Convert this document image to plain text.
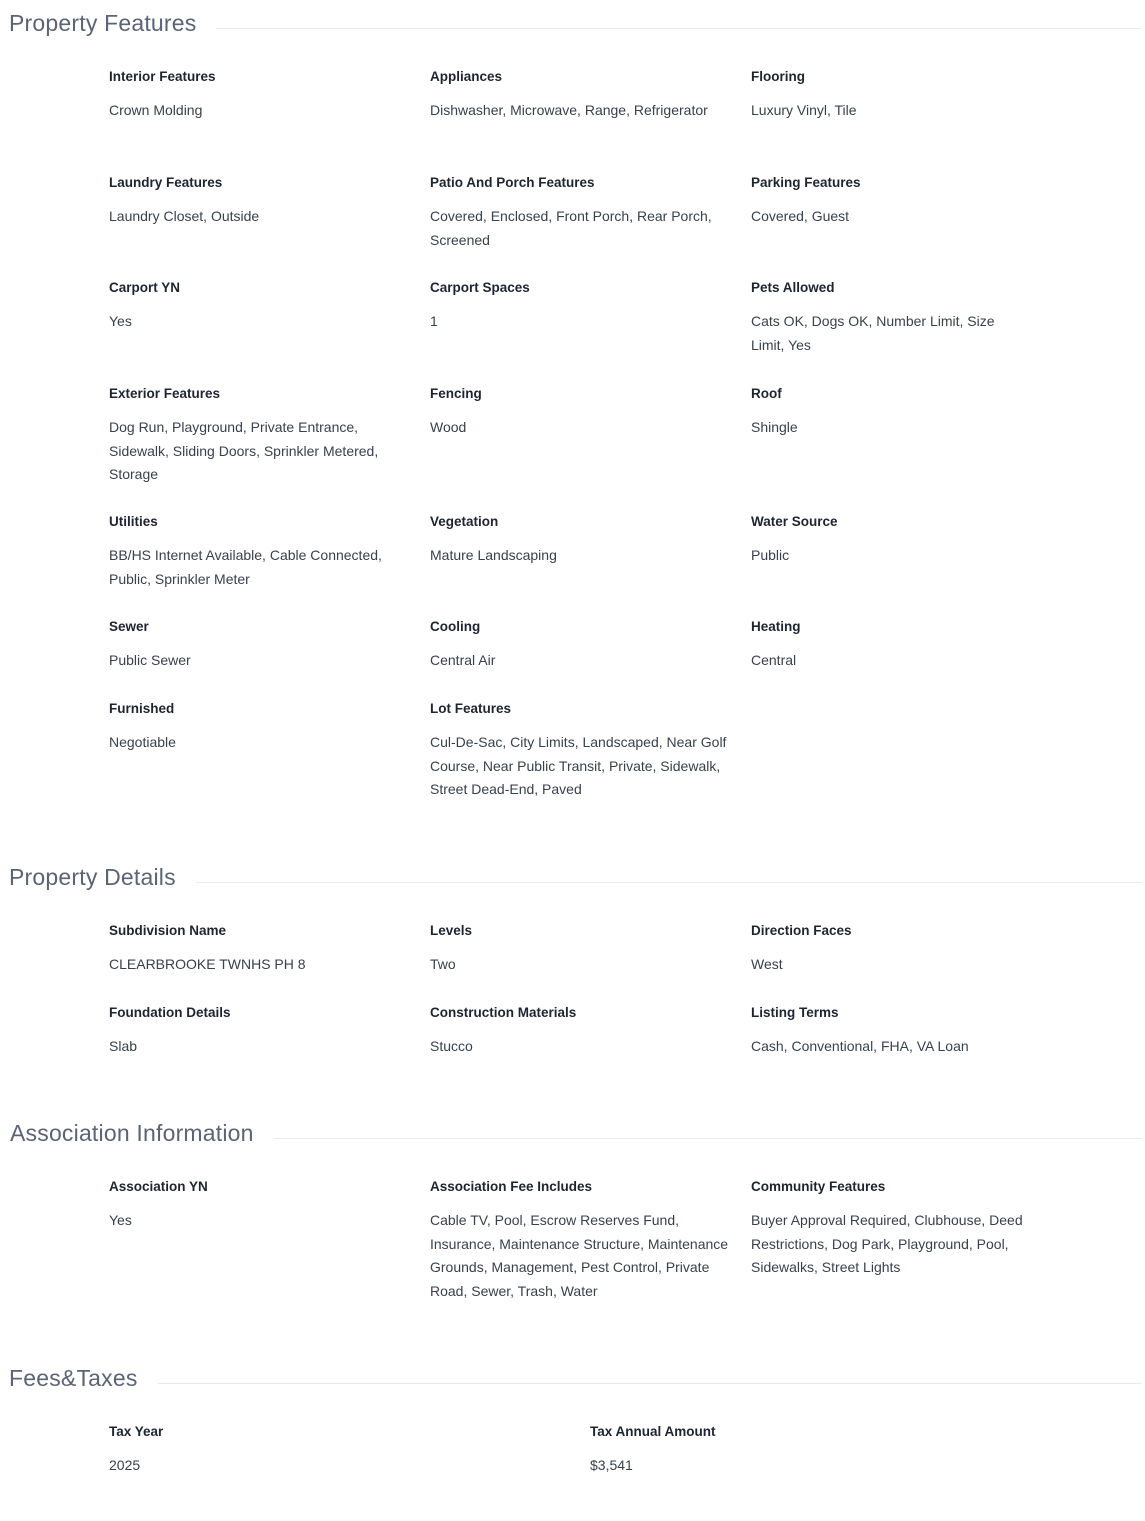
Property Features
Interior Features
Crown Molding
Appliances
Dishwasher, Microwave, Range, Refrigerator
Flooring
Luxury Vinyl, Tile
Laundry Features
Laundry Closet, Outside
Patio And Porch Features
Covered, Enclosed, Front Porch, Rear Porch, Screened
Parking Features
Covered, Guest
Carport YN
Yes
Carport Spaces
1
Pets Allowed
Cats OK, Dogs OK, Number Limit, Size Limit, Yes
Exterior Features
Dog Run, Playground, Private Entrance, Sidewalk, Sliding Doors, Sprinkler Metered, Storage
Fencing
Wood
Roof
Shingle
Utilities
BB/HS Internet Available, Cable Connected, Public, Sprinkler Meter
Vegetation
Mature Landscaping
Water Source
Public
Sewer
Public Sewer
Cooling
Central Air
Heating
Central
Furnished
Negotiable
Lot Features
Cul-De-Sac, City Limits, Landscaped, Near Golf Course, Near Public Transit, Private, Sidewalk, Street Dead-End, Paved
Property Details
Subdivision Name
CLEARBROOKE TWNHS PH 8
Levels
Two
Direction Faces
West
Foundation Details
Slab
Construction Materials
Stucco
Listing Terms
Cash, Conventional, FHA, VA Loan
Association Information
Association YN
Yes
Association Fee Includes
Cable TV, Pool, Escrow Reserves Fund, Insurance, Maintenance Structure, Maintenance Grounds, Management, Pest Control, Private Road, Sewer, Trash, Water
Community Features
Buyer Approval Required, Clubhouse, Deed Restrictions, Dog Park, Playground, Pool, Sidewalks, Street Lights
Fees&Taxes
Tax Year
2025
Tax Annual Amount
$3,541
